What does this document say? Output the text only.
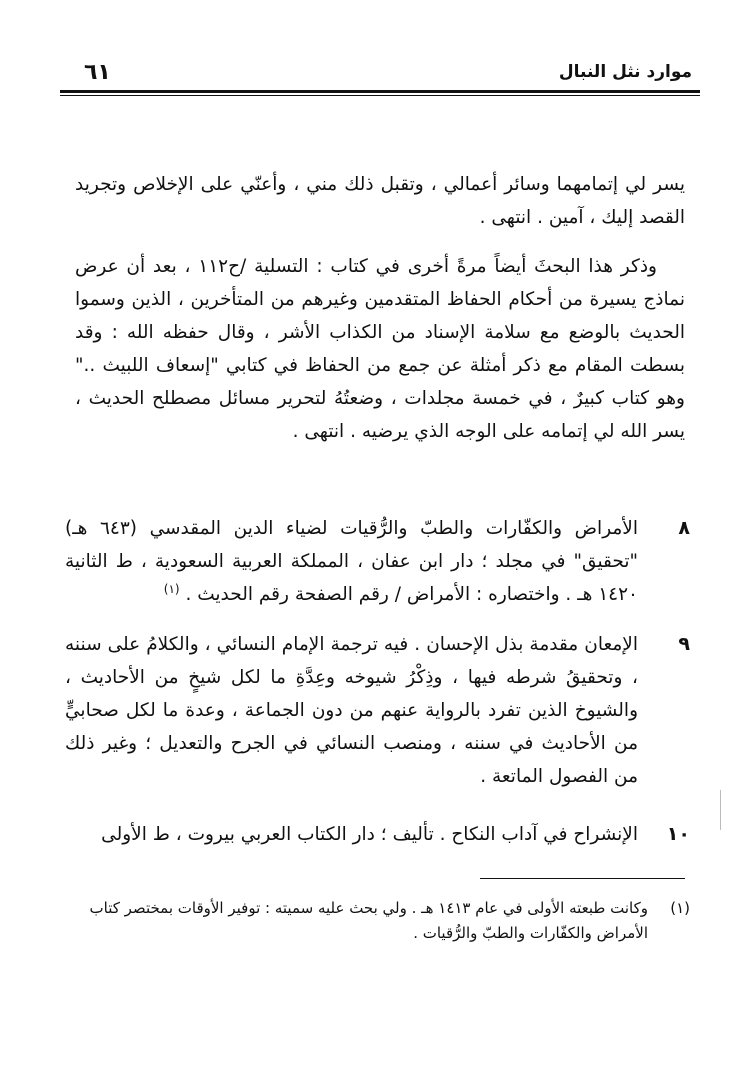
٦١	موارد نثل النبال

يسر لي إتمامهما وسائر أعمالي ، وتقبل ذلك مني ، وأعنّي على الإخلاص وتجريد القصد إليك ، آمين . انتهى .

وذكر هذا البحثَ أيضاً مرةً أخرى في كتاب : التسلية /ح١١٢ ، بعد أن عرض نماذج يسيرة من أحكام الحفاظ المتقدمين وغيرهم من المتأخرين ، الذين وسموا الحديث بالوضع مع سلامة الإسناد من الكذاب الأشر ، وقال حفظه الله : وقد بسطت المقام مع ذكر أمثلة عن جمع من الحفاظ في كتابي "إسعاف اللبيث .." وهو كتاب كبيرٌ ، في خمسة مجلدات ، وضعتُهُ لتحرير مسائل مصطلح الحديث ، يسر الله لي إتمامه على الوجه الذي يرضيه . انتهى .

٨
الأمراض والكفّارات والطبّ والرُّقيات لضياء الدين المقدسي (٦٤٣ هـ) "تحقيق" في مجلد ؛ دار ابن عفان ، المملكة العربية السعودية ، ط الثانية ١٤٢٠ هـ . واختصاره : الأمراض / رقم الصفحة رقم الحديث . $^{(١)}$
٩
الإمعان مقدمة بذل الإحسان . فيه ترجمة الإمام النسائي ، والكلامُ على سننه ، وتحقيقُ شرطه فيها ، وذِكْرُ شيوخه وعِدَّةِ ما لكل شيخٍ من الأحاديث ، والشيوخ الذين تفرد بالرواية عنهم من دون الجماعة ، وعدة ما لكل صحابيٍّ من الأحاديث في سننه ، ومنصب النسائي في الجرح والتعديل ؛ وغير ذلك من الفصول الماتعة .
١٠
الإنشراح في آداب النكاح . تأليف ؛ دار الكتاب العربي بيروت ، ط الأولى
(١)
وكانت طبعته الأولى في عام ١٤١٣ هـ . ولي بحث عليه سميته : توفير الأوقات بمختصر كتاب الأمراض والكفّارات والطبّ والرُّقيات .
